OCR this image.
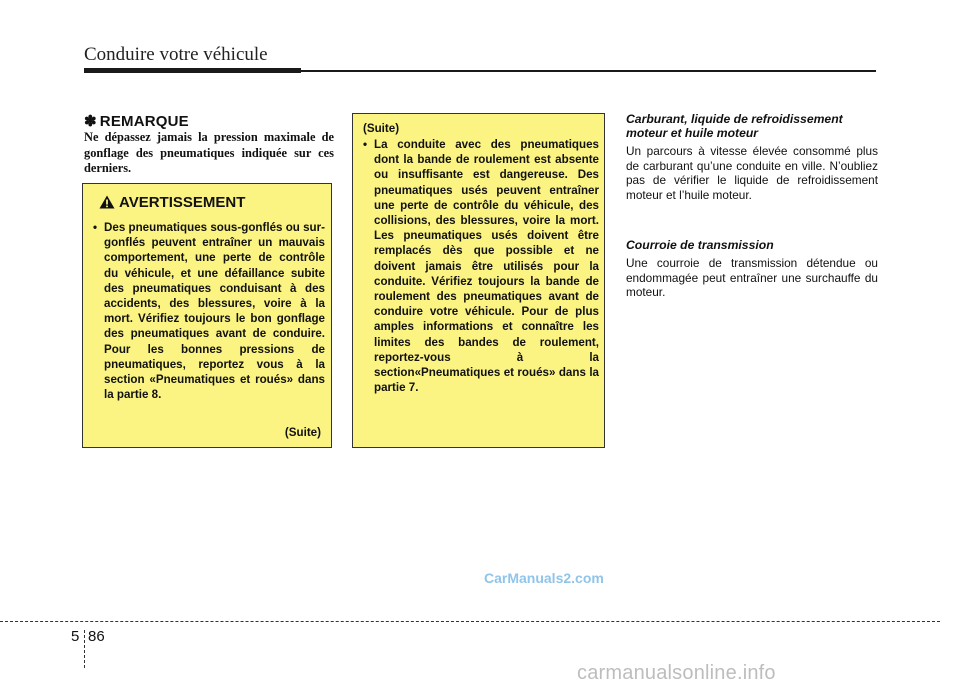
Conduire votre véhicule
✽ REMARQUE
Ne dépassez jamais la pression maximale de gonflage des pneumatiques indiquée sur ces derniers.
AVERTISSEMENT
• Des pneumatiques sous-gonflés ou sur-gonflés peuvent entraîner un mauvais comportement, une perte de contrôle du véhicule, et une défaillance subite des pneumatiques conduisant à des accidents, des blessures, voire à la mort. Vérifiez toujours le bon gonflage des pneumatiques avant de conduire. Pour les bonnes pressions de pneumatiques, reportez vous à la section «Pneumatiques et roués» dans la partie 8.
(Suite)
(Suite)
• La conduite avec des pneumatiques dont la bande de roulement est absente ou insuffisante est dangereuse. Des pneumatiques usés peuvent entraîner une perte de contrôle du véhicule, des collisions, des blessures, voire la mort. Les pneumatiques usés doivent être remplacés dès que possible et ne doivent jamais être utilisés pour la conduite. Vérifiez toujours la bande de roulement des pneumatiques avant de conduire votre véhicule. Pour de plus amples informations et connaître les limites des bandes de roulement, reportez-vous à la section«Pneumatiques et roués» dans la partie 7.
Carburant, liquide de refroidissement moteur et huile moteur
Un parcours à vitesse élevée consommé plus de carburant qu’une conduite en ville. N’oubliez pas de vérifier le liquide de refroidissement moteur et l’huile moteur.
Courroie de transmission
Une courroie de transmission détendue ou endommagée peut entraîner une surchauffe du moteur.
CarManuals2.com
5 86
carmanualsonline.info
